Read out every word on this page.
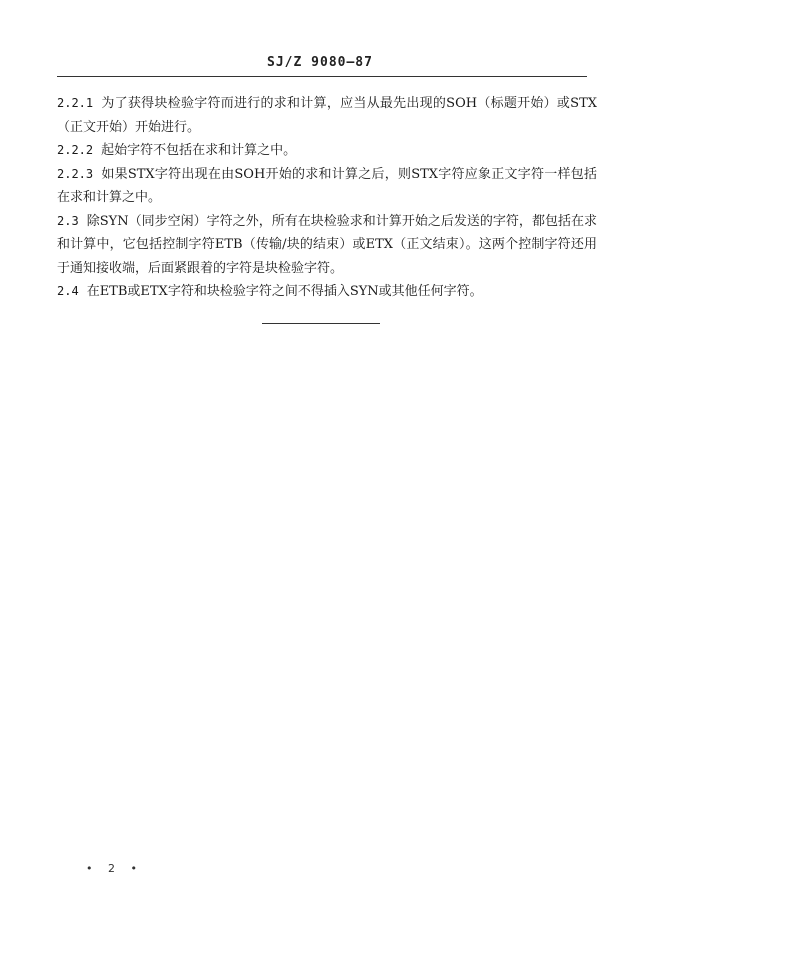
SJ/Z 9080—87

2.2.1 为了获得块检验字符而进行的求和计算，应当从最先出现的SOH（标题开始）或STX（正文开始）开始进行。

2.2.2 起始字符不包括在求和计算之中。

2.2.3 如果STX字符出现在由SOH开始的求和计算之后，则STX字符应象正文字符一样包括在求和计算之中。

2.3 除SYN（同步空闲）字符之外，所有在块检验求和计算开始之后发送的字符，都包括在求和计算中，它包括控制字符ETB（传输/块的结束）或ETX（正文结束）。这两个控制字符还用于通知接收端，后面紧跟着的字符是块检验字符。

2.4 在ETB或ETX字符和块检验字符之间不得插入SYN或其他任何字符。

• 2 •
